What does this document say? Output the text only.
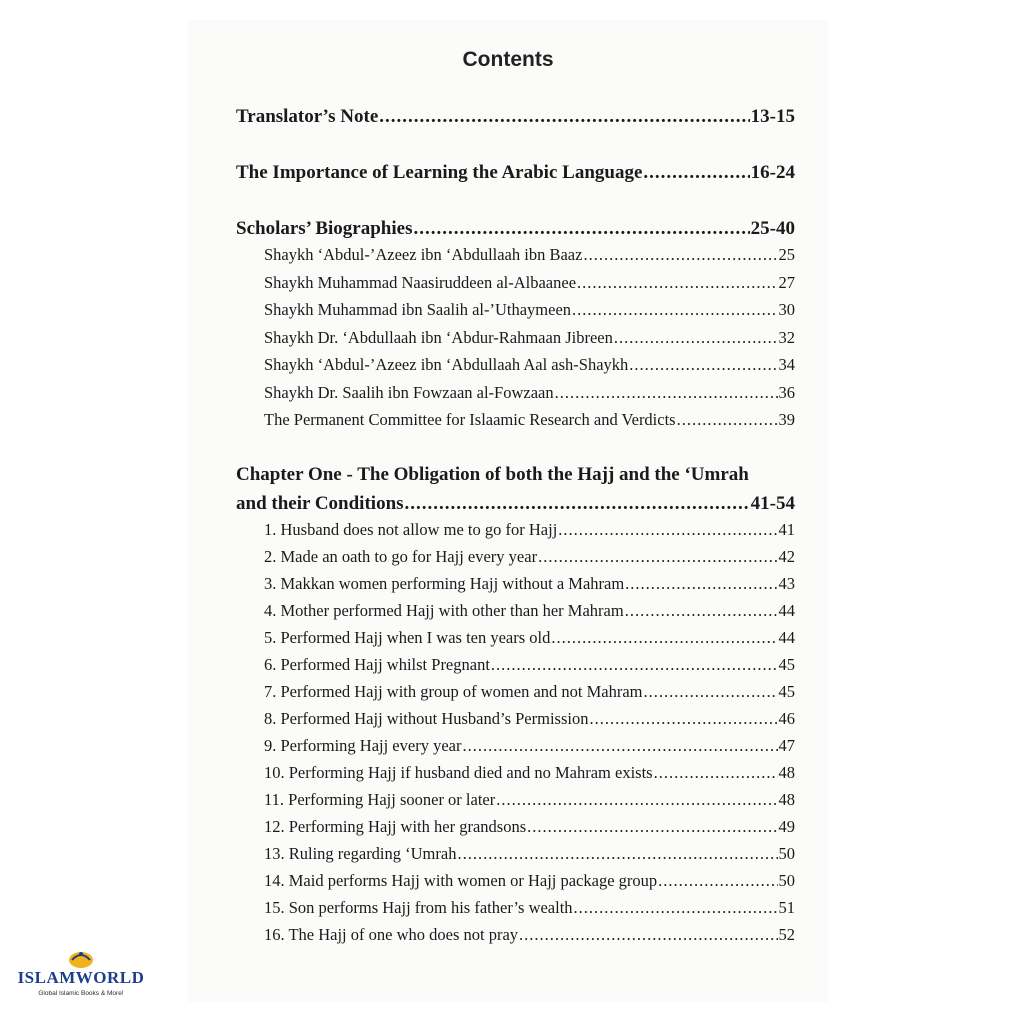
Contents
Translator’s Note .....	13-15
The Importance of Learning the Arabic Language .....	16-24
Scholars’ Biographies .....	25-40
Shaykh ‘Abdul-’Azeez ibn ‘Abdullaah ibn Baaz .....	25
Shaykh Muhammad Naasiruddeen al-Albaanee .....	27
Shaykh Muhammad ibn Saalih al-’Uthaymeen .....	30
Shaykh Dr. ‘Abdullaah ibn ‘Abdur-Rahmaan Jibreen .....	32
Shaykh ‘Abdul-’Azeez ibn ‘Abdullaah Aal ash-Shaykh .....	34
Shaykh Dr. Saalih ibn Fowzaan al-Fowzaan .....	36
The Permanent Committee for Islaamic Research and Verdicts .....	39
Chapter One - The Obligation of both the Hajj and the ‘Umrah
and their Conditions .....	41-54
1. Husband does not allow me to go for Hajj .....	41
2. Made an oath to go for Hajj every year .....	42
3. Makkan women performing Hajj without a Mahram .....	43
4. Mother performed Hajj with other than her Mahram .....	44
5. Performed Hajj when I was ten years old .....	44
6. Performed Hajj whilst Pregnant .....	45
7. Performed Hajj with group of women and not Mahram .....	45
8. Performed Hajj without Husband’s Permission .....	46
9. Performing Hajj every year .....	47
10. Performing Hajj if husband died and no Mahram exists .....	48
11. Performing Hajj sooner or later .....	48
12. Performing Hajj with her grandsons .....	49
13. Ruling regarding ‘Umrah .....	50
14. Maid performs Hajj with women or Hajj package group .....	50
15. Son performs Hajj from his father’s wealth .....	51
16. The Hajj of one who does not pray .....	52
ISLAMWORLD
Global Islamic Books & More!
